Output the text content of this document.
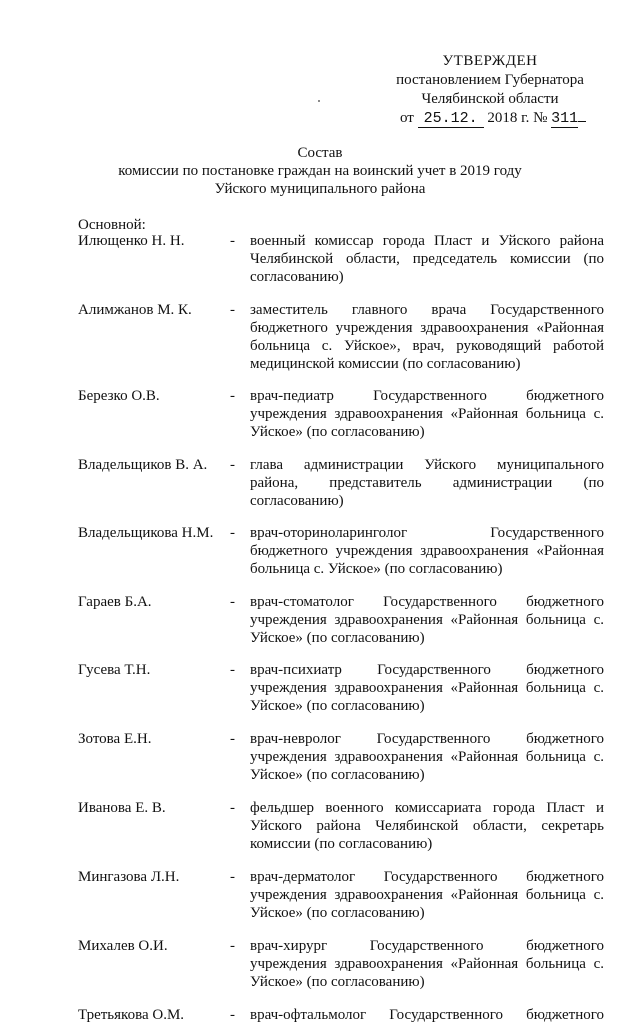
УТВЕРЖДЕН
постановлением Губернатора
Челябинской области
от 25.12. 2018 г. № 311
Состав
комиссии по постановке граждан на воинский учет в 2019 году
Уйского муниципального района
Основной:
Илющенко Н. Н.	-	военный комиссар города Пласт и Уйского района Челябинской области, председатель комиссии (по согласованию)
Алимжанов М. К.	-	заместитель главного врача Государственного бюджетного учреждения здравоохранения «Районная больница с. Уйское», врач, руководящий работой медицинской комиссии (по согласованию)
Березко О.В.	-	врач-педиатр Государственного бюджетного учреждения здравоохранения «Районная больница с. Уйское» (по согласованию)
Владельщиков В. А.	-	глава администрации Уйского муниципального района, представитель администрации (по согласованию)
Владельщикова Н.М.	-	врач-оториноларинголог Государственного бюджетного учреждения здравоохранения «Районная больница с. Уйское» (по согласованию)
Гараев Б.А.	-	врач-стоматолог Государственного бюджетного учреждения здравоохранения «Районная больница с. Уйское» (по согласованию)
Гусева Т.Н.	-	врач-психиатр Государственного бюджетного учреждения здравоохранения «Районная больница с. Уйское» (по согласованию)
Зотова Е.Н.	-	врач-невролог Государственного бюджетного учреждения здравоохранения «Районная больница с. Уйское» (по согласованию)
Иванова Е. В.	-	фельдшер военного комиссариата города Пласт и Уйского района Челябинской области, секретарь комиссии (по согласованию)
Мингазова Л.Н.	-	врач-дерматолог Государственного бюджетного учреждения здравоохранения «Районная больница с. Уйское» (по согласованию)
Михалев О.И.	-	врач-хирург Государственного бюджетного учреждения здравоохранения «Районная больница с. Уйское» (по согласованию)
Третьякова О.М.	-	врач-офтальмолог Государственного бюджетного
